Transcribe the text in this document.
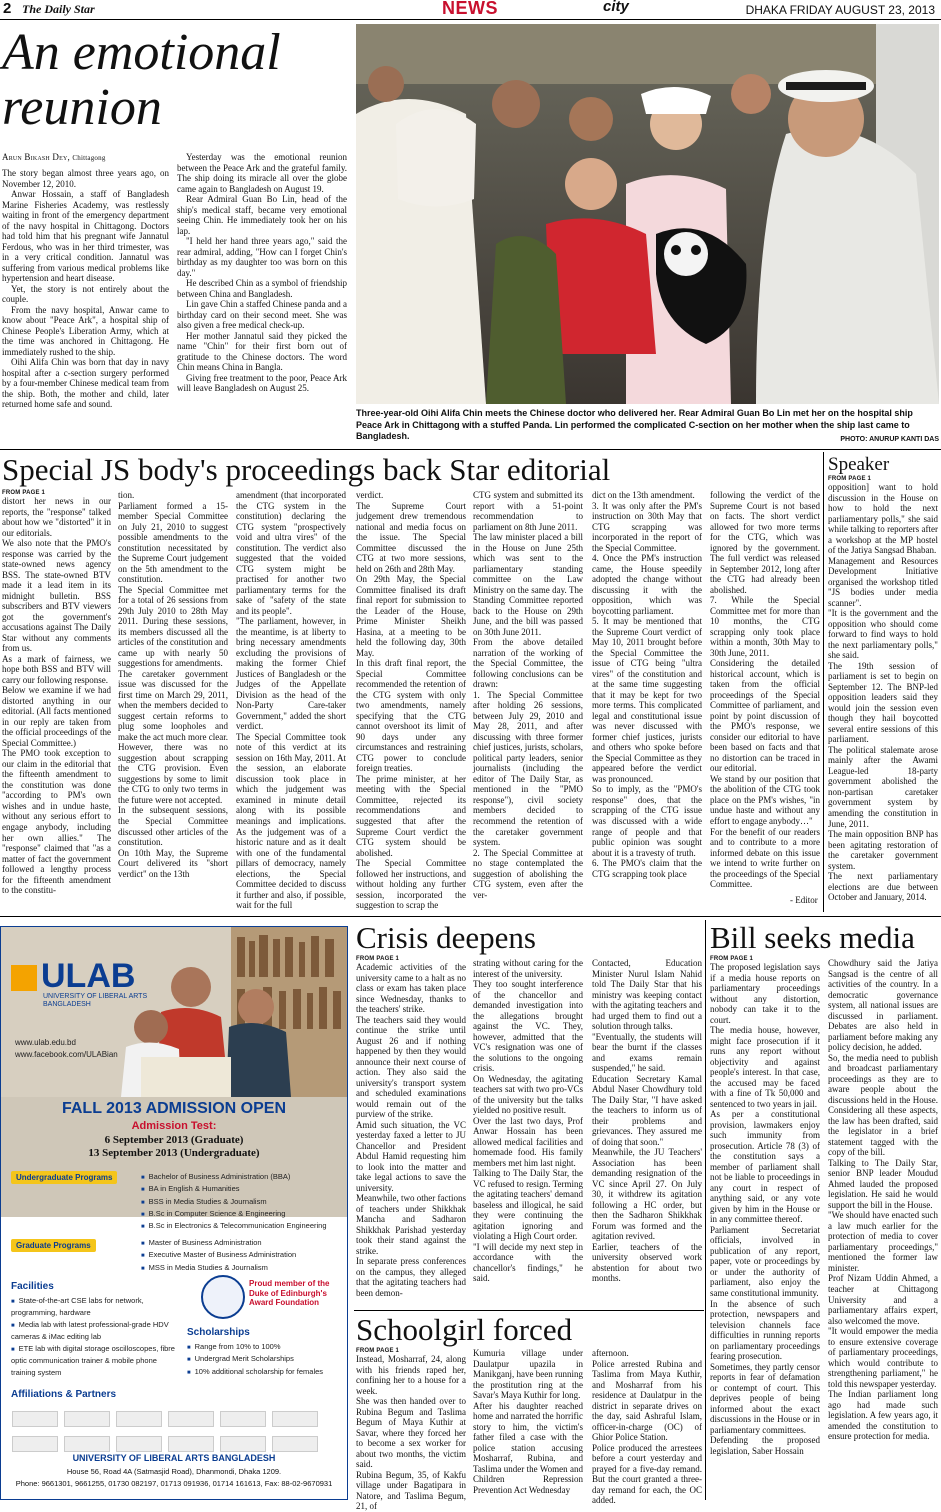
2 The Daily Star	NEWS	city	DHAKA FRIDAY AUGUST 23, 2013
An emotional reunion
Arun Bikash Dey, Chittagong

The story began almost three years ago, on November 12, 2010.

Anwar Hossain, a staff of Bangladesh Marine Fisheries Academy, was restlessly waiting in front of the emergency department of the navy hospital in Chittagong. Doctors had told him that his pregnant wife Jannatul Ferdous, who was in her third trimester, was in a very critical condition. Jannatul was suffering from various medical problems like hypertension and heart disease.

Yet, the story is not entirely about the couple.

From the navy hospital, Anwar came to know about "Peace Ark", a hospital ship of Chinese People's Liberation Army, which at the time was anchored in Chittagong. He immediately rushed to the ship.

Oihi Alifa Chin was born that day in navy hospital after a c-section surgery performed by a four-member Chinese medical team from the ship. Both, the mother and child, later returned home safe and sound.

Yesterday was the emotional reunion between the Peace Ark and the grateful family. The ship doing its miracle all over the globe came again to Bangladesh on August 19.

Rear Admiral Guan Bo Lin, head of the ship's medical staff, became very emotional seeing Chin. He immediately took her on his lap.

"I held her hand three years ago," said the rear admiral, adding, "How can I forget Chin's birthday as my daughter too was born on this day."

He described Chin as a symbol of friendship between China and Bangladesh.

Lin gave Chin a staffed Chinese panda and a birthday card on their second meet. She was also given a free medical check-up.

Her mother Jannatul said they picked the name "Chin" for their first born out of gratitude to the Chinese doctors. The word Chin means China in Bangla.

Giving free treatment to the poor, Peace Ark will leave Bangladesh on August 25.

Three-year-old Oihi Alifa Chin meets the Chinese doctor who delivered her. Rear Admiral Guan Bo Lin met her on the hospital ship Peace Ark in Chittagong with a stuffed Panda. Lin performed the complicated C-section on her mother when the ship last came to Bangladesh.	PHOTO: ANURUP KANTI DAS
Special JS body's proceedings back Star editorial
FROM PAGE 1
distort her news in our reports, the "response" talked about how we "distorted" it in our editorials.
We also note that the PMO's response was carried by the state-owned news agency BSS. The state-owned BTV made it a lead item in its midnight bulletin. BSS subscribers and BTV viewers got the government's accusations against The Daily Star without any comments from us.
As a mark of fairness, we hope both BSS and BTV will carry our following response.
Below we examine if we had distorted anything in our editorial. (All facts mentioned in our reply are taken from the official proceedings of the Special Committee.)
The PMO took exception to our claim in the editorial that the fifteenth amendment to the constitution was done "according to PM's own wishes and in undue haste, without any serious effort to engage anybody, including her own allies." The "response" claimed that "as a matter of fact the government followed a lengthy process for the fifteenth amendment to the constitu-
tion.
Parliament formed a 15-member Special Committee on July 21, 2010 to suggest possible amendments to the constitution necessitated by the Supreme Court judgement on the 5th amendment to the constitution.
The Special Committee met for a total of 26 sessions from 29th July 2010 to 28th May 2011. During these sessions, its members discussed all the articles of the constitution and came up with nearly 50 suggestions for amendments.
The caretaker government issue was discussed for the first time on March 29, 2011, when the members decided to suggest certain reforms to plug some loopholes and make the act much more clear. However, there was no suggestion about scrapping the CTG provision. Even suggestions by some to limit the CTG to only two terms in the future were not accepted.
In the subsequent sessions, the Special Committee discussed other articles of the constitution.
On 10th May, the Supreme Court delivered its "short verdict" on the 13th
amendment (that incorporated the CTG system in the constitution) declaring the CTG system "prospectively void and ultra vires" of the constitution. The verdict also suggested that the voided CTG system might be practised for another two parliamentary terms for the sake of "safety of the state and its people".
"The parliament, however, in the meantime, is at liberty to bring necessary amendments excluding the provisions of making the former Chief Justices of Bangladesh or the Judges of the Appellate Division as the head of the Non-Party Care-taker Government," added the short verdict.
The Special Committee took note of this verdict at its session on 16th May, 2011. At the session, an elaborate discussion took place in which the judgement was examined in minute detail along with its possible meanings and implications. As the judgement was of a historic nature and as it dealt with one of the fundamental pillars of democracy, namely elections, the Special Committee decided to discuss it further and also, if possible, wait for the full
verdict.
The Supreme Court judgement drew tremendous national and media focus on the issue. The Special Committee discussed the CTG at two more sessions, held on 26th and 28th May.
On 29th May, the Special Committee finalised its draft final report for submission to the Leader of the House, Prime Minister Sheikh Hasina, at a meeting to be held the following day, 30th May.
In this draft final report, the Special Committee recommended the retention of the CTG system with only two amendments, namely specifying that the CTG cannot overshoot its limit of 90 days under any circumstances and restraining CTG power to conclude foreign treaties.
The prime minister, at her meeting with the Special Committee, rejected its recommendations and suggested that after the Supreme Court verdict the CTG system should be abolished.
The Special Committee followed her instructions, and without holding any further session, incorporated the suggestion to scrap the
CTG system and submitted its report with a 51-point recommendation to parliament on 8th June 2011.
The law minister placed a bill in the House on June 25th which was sent to the parliamentary standing committee on the Law Ministry on the same day. The Standing Committee reported back to the House on 29th June, and the bill was passed on 30th June 2011.
From the above detailed narration of the working of the Special Committee, the following conclusions can be drawn:
1. The Special Committee after holding 26 sessions, between July 29, 2010 and May 28, 2011, and after discussing with three former chief justices, jurists, scholars, political party leaders, senior journalists (including the editor of The Daily Star, as mentioned in the "PMO response"), civil society members decided to recommend the retention of the caretaker government system.
2. The Special Committee at no stage contemplated the suggestion of abolishing the CTG system, even after the ver-
dict on the 13th amendment.
3. It was only after the PM's instruction on 30th May that CTG scrapping was incorporated in the report of the Special Committee.
4. Once the PM's instruction came, the House speedily adopted the change without discussing it with the opposition, which was boycotting parliament.
5. It may be mentioned that the Supreme Court verdict of May 10, 2011 brought before the Special Committee the issue of CTG being "ultra vires" of the constitution and at the same time suggesting that it may be kept for two more terms. This complicated legal and constitutional issue was never discussed with former chief justices, jurists and others who spoke before the Special Committee as they appeared before the verdict was pronounced.
So to imply, as the "PMO's response" does, that the scrapping of the CTG issue was discussed with a wide range of people and that public opinion was sought about it is a travesty of truth.
6. The PMO's claim that the CTG scrapping took place
following the verdict of the Supreme Court is not based on facts. The short verdict allowed for two more terms for the CTG, which was ignored by the government. The full verdict was released in September 2012, long after the CTG had already been abolished.
7. While the Special Committee met for more than 10 months, the CTG scrapping only took place within a month, 30th May to 30th June, 2011.
Considering the detailed historical account, which is taken from the official proceedings of the Special Committee of parliament, and point by point discussion of the PMO's response, we consider our editorial to have been based on facts and that no distortion can be traced in our editorial.
We stand by our position that the abolition of the CTG took place on the PM's wishes, "in undue haste and without any effort to engage anybody…"
For the benefit of our readers and to contribute to a more informed debate on this issue we intend to write further on the proceedings of the Special Committee.
- Editor
Speaker
FROM PAGE 1
opposition] want to hold discussion in the House on how to hold the next parliamentary polls," she said while talking to reporters after a workshop at the MP hostel of the Jatiya Sangsad Bhaban.
Management and Resources Development Initiative organised the workshop titled "JS bodies under media scanner".
"It is the government and the opposition who should come forward to find ways to hold the next parliamentary polls," she said.
The 19th session of parliament is set to begin on September 12. The BNP-led opposition leaders said they would join the session even though they hail boycotted several entire sessions of this parliament.
The political stalemate arose mainly after the Awami League-led 18-party government abolished the non-partisan caretaker government system by amending the constitution in June, 2011.
The main opposition BNP has been agitating restoration of the caretaker government system.
The next parliamentary elections are due between October and January, 2014.
ULAB
UNIVERSITY OF LIBERAL ARTS
BANGLADESH
www.ulab.edu.bd
www.facebook.com/ULABian
FALL 2013 ADMISSION OPEN
Admission Test:
6 September 2013 (Graduate)
13 September 2013 (Undergraduate)
Undergraduate Programs	■ Bachelor of Business Administration (BBA)
■ BA in English & Humanities
■ BSS in Media Studies & Journalism
■ B.Sc in Computer Science & Engineering
■ B.Sc in Electronics & Telecommunication Engineering
Graduate Programs	■ Master of Business Administration
■ Executive Master of Business Administration
■ MSS in Media Studies & Journalism
Facilities
■ State-of-the-art CSE labs for network, programming, hardware
■ Media lab with latest professional-grade HDV cameras & iMac editing lab
■ ETE lab with digital storage oscilloscopes, fibre optic communication trainer & mobile phone training system
Proud member of the Duke of Edinburgh's Award Foundation
Scholarships
■ Range from 10% to 100%
■ Undergrad Merit Scholarships
■ 10% additional scholarship for females
Affiliations & Partners

UNIVERSITY OF LIBERAL ARTS BANGLADESH
House 56, Road 4A (Satmasjid Road), Dhanmondi, Dhaka 1209.
Phone: 9661301, 9661255, 01730 082197, 01713 091936, 01714 161613, Fax: 88-02-9670931
Crisis deepens
FROM PAGE 1
Academic activities of the university came to a halt as no class or exam has taken place since Wednesday, thanks to the teachers' strike.
The teachers said they would continue the strike until August 26 and if nothing happened by then they would announce their next course of action. They also said the university's transport system and scheduled examinations would remain out of the purview of the strike.
Amid such situation, the VC yesterday faxed a letter to JU Chancellor and President Abdul Hamid requesting him to look into the matter and take legal actions to save the university.
Meanwhile, two other factions of teachers under Shikkhak Mancha and Sadharon Shikkhak Parishad yesterday took their stand against the strike.
In separate press conferences on the campus, they alleged that the agitating teachers had been demon-
strating without caring for the interest of the university.
They too sought interference of the chancellor and demanded investigation into the allegations brought against the VC. They, however, admitted that the VC's resignation was one of the solutions to the ongoing crisis.
On Wednesday, the agitating teachers sat with two pro-VCs of the university but the talks yielded no positive result.
Over the last two days, Prof Anwar Hossain has been allowed medical facilities and homemade food. His family members met him last night.
Talking to The Daily Star, the VC refused to resign. Terming the agitating teachers' demand baseless and illogical, he said they were continuing the agitation ignoring and violating a High Court order.
"I will decide my next step in accordance with the chancellor's findings," he said.
Contacted, Education Minister Nurul Islam Nahid told The Daily Star that his ministry was keeping contact with the agitating teachers and had urged them to find out a solution through talks.
"Eventually, the students will bear the burnt if the classes and exams remain suspended," he said.
Education Secretary Kamal Abdul Naser Chowdhury told The Daily Star, "I have asked the teachers to inform us of their problems and grievances. They assured me of doing that soon."
Meanwhile, the JU Teachers' Association has been demanding resignation of the VC since April 27. On July 30, it withdrew its agitation following a HC order, but then the Sadharon Shikkhak Forum was formed and the agitation revived.
Earlier, teachers of the university observed work abstention for about two months.
Schoolgirl forced
FROM PAGE 1
Instead, Mosharraf, 24, along with his friends raped her, confining her to a house for a week.
She was then handed over to Rubina Begum and Taslima Begum of Maya Kuthir at Savar, where they forced her to become a sex worker for about two months, the victim said.
Rubina Begum, 35, of Kakfu village under Bagatipara in Natore, and Taslima Begum, 21, of
Kumuria village under Daulatpur upazila in Manikganj, have been running the prostitution ring at the Savar's Maya Kuthir for long.
After his daughter reached home and narrated the horrific story to him, the victim's father filed a case with the police station accusing Mosharraf, Rubina, and Taslima under the Women and Children Repression Prevention Act Wednesday
afternoon.
Police arrested Rubina and Taslima from Maya Kuthir, and Mosharraf from his residence at Daulatpur in the district in separate drives on the day, said Ashraful Islam, officer-in-charge (OC) of Ghior Police Station.
Police produced the arrestees before a court yesterday and prayed for a five-day remand. But the court granted a three-day remand for each, the OC added.
Bill seeks media
FROM PAGE 1
The proposed legislation says if a media house reports on parliamentary proceedings without any distortion, nobody can take it to the court.
The media house, however, might face prosecution if it runs any report without objectivity and against people's interest. In that case, the accused may be faced with a fine of Tk 50,000 and sentenced to two years in jail.
As per a constitutional provision, lawmakers enjoy such immunity from prosecution. Article 78 (3) of the constitution says a member of parliament shall not be liable to proceedings in any court in respect of anything said, or any vote given by him in the House or in any committee thereof.
Parliament Secretariat officials, involved in publication of any report, paper, vote or proceedings by or under the authority of parliament, also enjoy the same constitutional immunity.
In the absence of such protection, newspapers and television channels face difficulties in running reports on parliamentary proceedings fearing prosecution.
Sometimes, they partly censor reports in fear of defamation or contempt of court. This deprives people of being informed about the exact discussions in the House or in parliamentary committees.
Defending the proposed legislation, Saber Hossain
Chowdhury said the Jatiya Sangsad is the centre of all activities of the country. In a democratic governance system, all national issues are discussed in parliament. Debates are also held in parliament before making any policy decision, he added.
So, the media need to publish and broadcast parliamentary proceedings as they are to aware people about the discussions held in the House. Considering all these aspects, the law has been drafted, said the legislator in a brief statement tagged with the copy of the bill.
Talking to The Daily Star, senior BNP leader Moudud Ahmed lauded the proposed legislation. He said he would support the bill in the House.
"We should have enacted such a law much earlier for the protection of media to cover parliamentary proceedings," mentioned the former law minister.
Prof Nizam Uddin Ahmed, a teacher at Chittagong University and a parliamentary affairs expert, also welcomed the move.
"It would empower the media to ensure extensive coverage of parliamentary proceedings, which would contribute to strengthening parliament," he told this newspaper yesterday.
The Indian parliament long ago had made such legislation. A few years ago, it amended the constitution to ensure protection for media.
